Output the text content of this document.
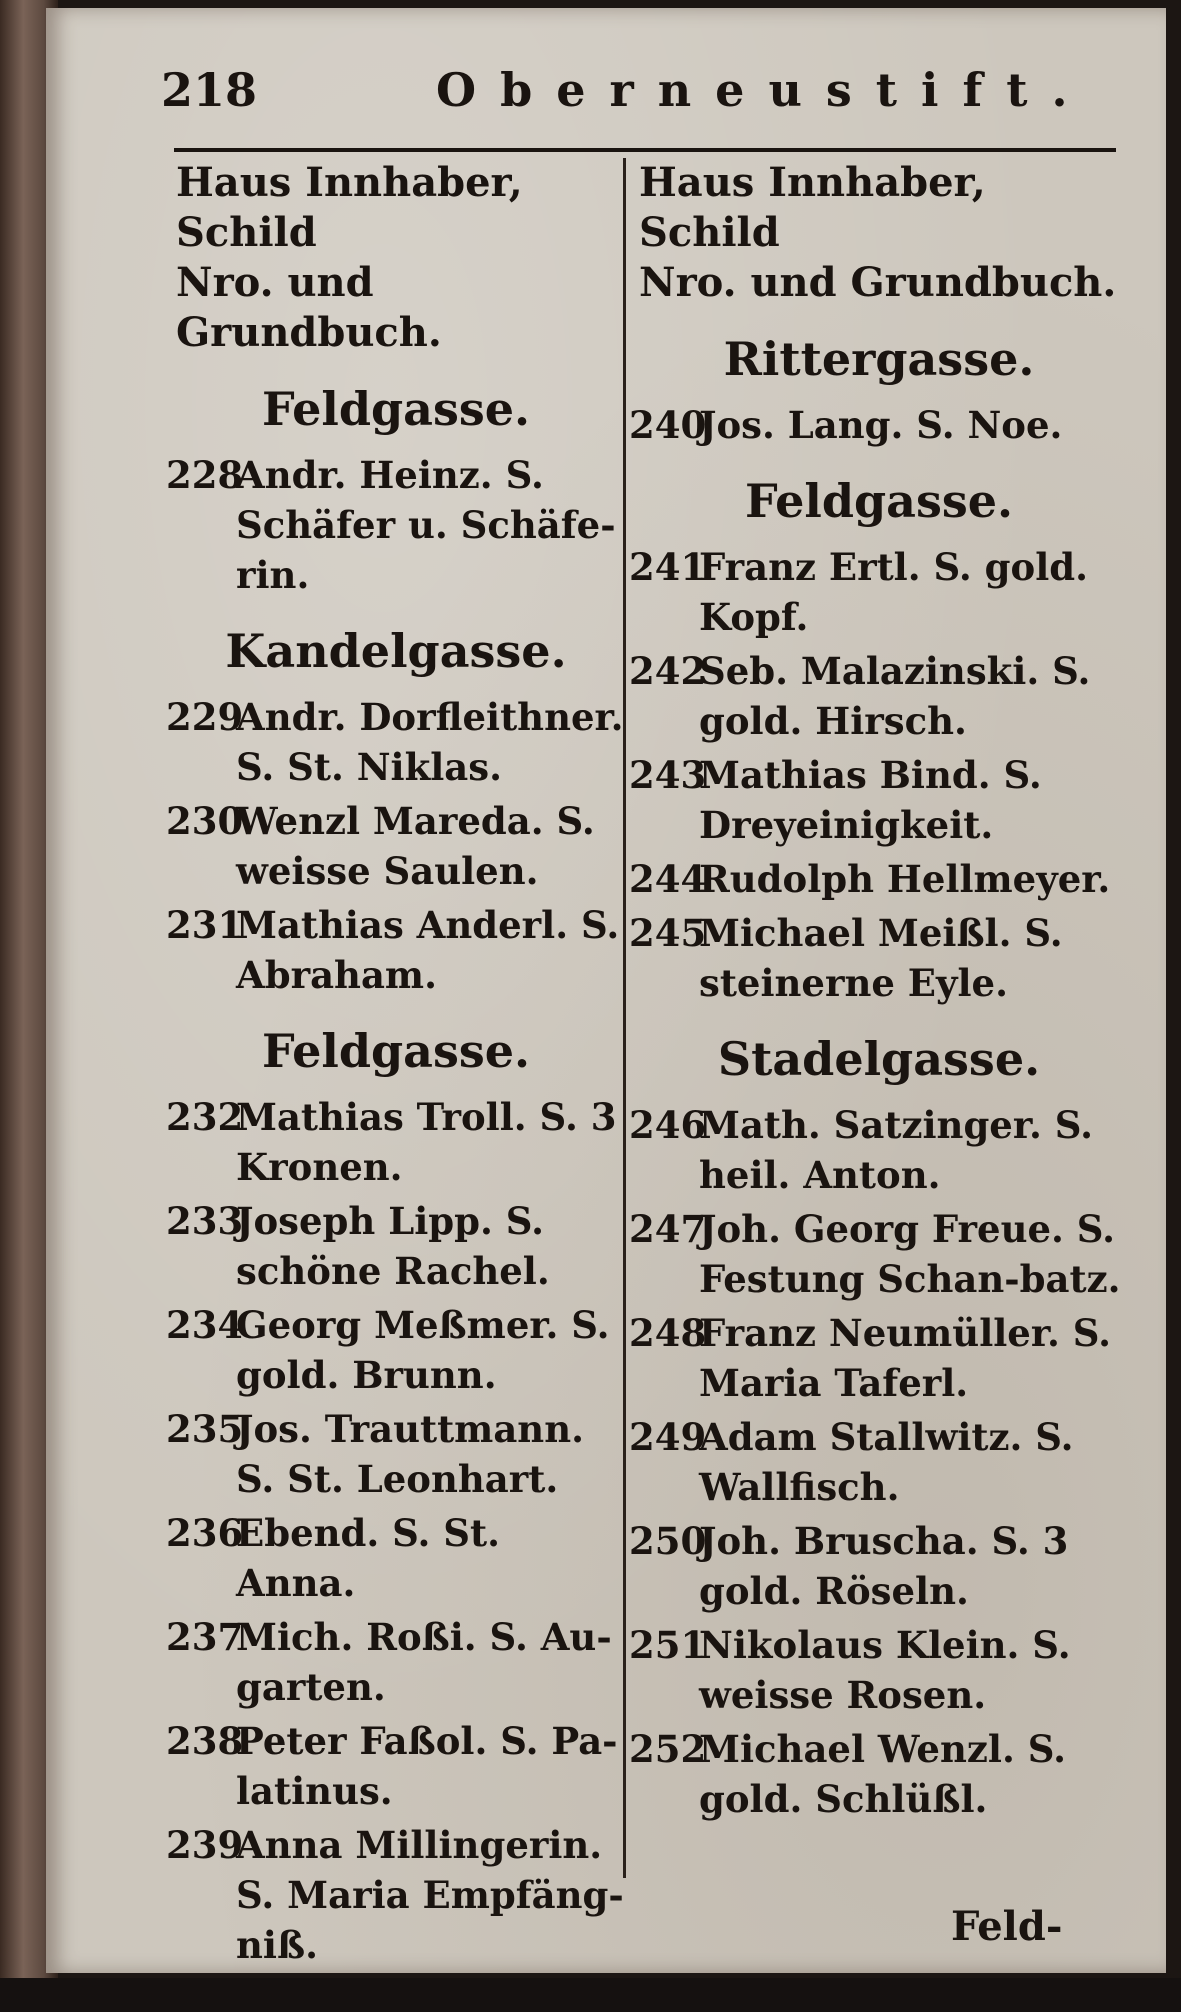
218	Oberneustift.
Haus Innhaber, Schild
Nro. und Grundbuch.
Feldgasse.
228
Andr. Heinz. S. Schäfer u. Schäfe-rin.
Kandelgasse.
229
Andr. Dorfleithner. S. St. Niklas.
230
Wenzl Mareda. S. weisse Saulen.
231
Mathias Anderl. S. Abraham.
Feldgasse.
232
Mathias Troll. S. 3 Kronen.
233
Joseph Lipp. S. schöne Rachel.
234
Georg Meßmer. S. gold. Brunn.
235
Jos. Trauttmann. S. St. Leonhart.
236
Ebend. S. St. Anna.
237
Mich. Roßi. S. Au-garten.
238
Peter Faßol. S. Pa-latinus.
239
Anna Millingerin. S. Maria Empfäng-niß.
Haus Innhaber, Schild
Nro. und Grundbuch.
Rittergasse.
240
Jos. Lang. S. Noe.
Feldgasse.
241
Franz Ertl. S. gold. Kopf.
242
Seb. Malazinski. S. gold. Hirsch.
243
Mathias Bind. S. Dreyeinigkeit.
244
Rudolph Hellmeyer.
245
Michael Meißl. S. steinerne Eyle.
Stadelgasse.
246
Math. Satzinger. S. heil. Anton.
247
Joh. Georg Freue. S. Festung Schan-batz.
248
Franz Neumüller. S. Maria Taferl.
249
Adam Stallwitz. S. Wallfisch.
250
Joh. Bruscha. S. 3 gold. Röseln.
251
Nikolaus Klein. S. weisse Rosen.
252
Michael Wenzl. S. gold. Schlüßl.
Feld-
